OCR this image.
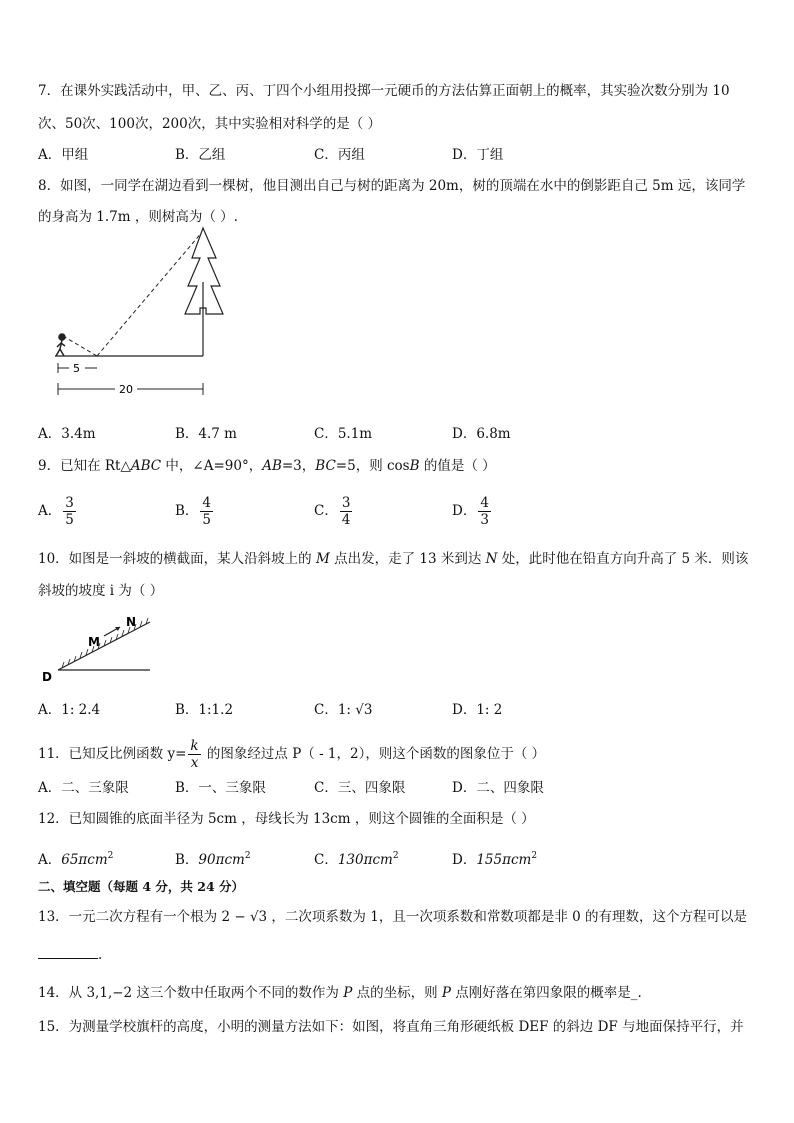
7．在课外实践活动中，甲、乙、丙、丁四个小组用投掷一元硬币的方法估算正面朝上的概率，其实验次数分别为 10
次、50次、100次，200次，其中实验相对科学的是（ ）
A．甲组	B．乙组	C．丙组	D．丁组
8．如图，一同学在湖边看到一棵树，他目测出自己与树的距离为 20m，树的顶端在水中的倒影距自己 5m 远，该同学
的身高为 1.7m ，则树高为（ ）.
5
20
A．3.4m	B．4.7 m	C．5.1m	D．6.8m
9．已知在 Rt△ABC 中，∠A=90°，AB=3，BC=5，则 cosB 的值是（ ）
A． $\frac{3}{5}$	B． $\frac{4}{5}$	C． $\frac{3}{4}$	D． $\frac{4}{3}$
10．如图是一斜坡的横截面，某人沿斜坡上的 M 点出发，走了 13 米到达 N 处，此时他在铅直方向升高了 5 米．则该
斜坡的坡度 i 为（ ）
D
M
N
A．1: 2.4	B．1:1.2	C．1: √3	D．1: 2
11．已知反比例函数 $y= \frac{k}{x}$ 的图象经过点 P（ - 1，2），则这个函数的图象位于（ ）
A．二、三象限	B．一、三象限	C．三、四象限	D．二、四象限
12．已知圆锥的底面半径为 5cm ，母线长为 13cm ，则这个圆锥的全面积是（ ）
A．65πcm$^2$	B．90πcm$^2$	C．130πcm$^2$	D．155πcm$^2$
二、填空题（每题 4 分，共 24 分）
13．一元二次方程有一个根为 2 − √3 ，二次项系数为 1，且一次项系数和常数项都是非 0 的有理数，这个方程可以是
.
14．从 3,1,−2 这三个数中任取两个不同的数作为 P 点的坐标，则 P 点刚好落在第四象限的概率是_.
15．为测量学校旗杆的高度，小明的测量方法如下：如图，将直角三角形硬纸板 DEF 的斜边 DF 与地面保持平行，并
